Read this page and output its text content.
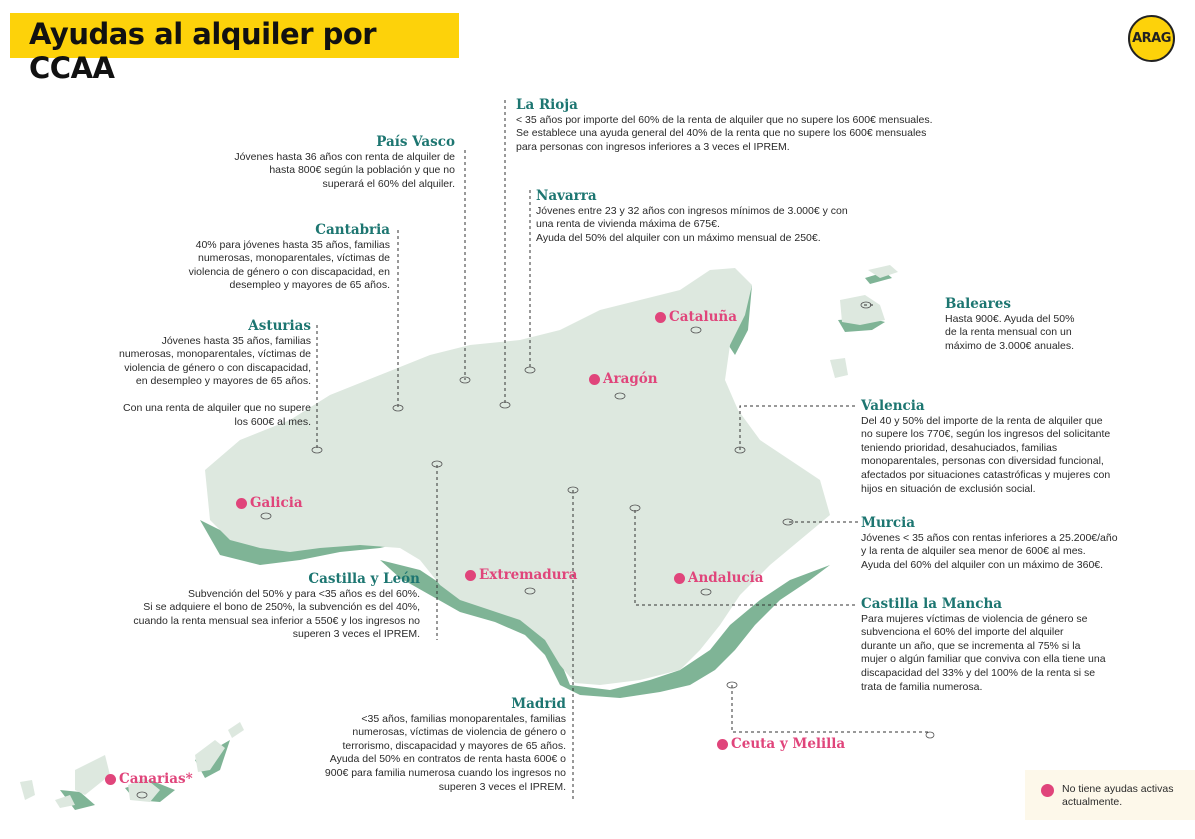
Ayudas al alquiler por CCAA
ARAG
La Rioja

< 35 años por importe del 60% de la renta de alquiler que no supere los 600€ mensuales.

Se establece una ayuda general del 40% de la renta que no supere los 600€ mensuales

para personas con ingresos inferiores a 3 veces el IPREM.

País Vasco

Jóvenes hasta 36 años con renta de alquiler de

hasta 800€ según la población y que no

superará el 60% del alquiler.

Navarra

Jóvenes entre 23 y 32 años con ingresos mínimos de 3.000€ y con

una renta de vivienda máxima de 675€.

Ayuda del 50% del alquiler con un máximo mensual de 250€.

Cantabria

40% para jóvenes hasta 35 años, familias

numerosas, monoparentales, víctimas de

violencia de género o con discapacidad, en

desempleo y mayores de 65 años.

Asturias

Jóvenes hasta 35 años, familias

numerosas, monoparentales, víctimas de

violencia de género o con discapacidad,

en desempleo y mayores de 65 años.

Con una renta de alquiler que no supere

los 600€ al mes.

Baleares

Hasta 900€. Ayuda del 50%

de la renta mensual con un

máximo de 3.000€ anuales.

Valencia

Del 40 y 50% del importe de la renta de alquiler que

no supere los 770€, según los ingresos del solicitante

teniendo prioridad, desahuciados, familias

monoparentales, personas con diversidad funcional,

afectados por situaciones catastróficas y mujeres con

hijos en situación de exclusión social.

Murcia

Jóvenes < 35 años con rentas inferiores a 25.200€/año

y la renta de alquiler sea menor de 600€ al mes.

Ayuda del 60% del alquiler con un máximo de 360€.

Castilla la Mancha

Para mujeres víctimas de violencia de género se

subvenciona el 60% del importe del alquiler

durante un año, que se incrementa al 75% si la

mujer o algún familiar que conviva con ella tiene una

discapacidad del 33% y del 100% de la renta si se

trata de familia numerosa.

Castilla y León

Subvención del 50% y para <35 años es del 60%.

Si se adquiere el bono de 250%, la subvención es del 40%,

cuando la renta mensual sea inferior a 550€ y los ingresos no

superen 3 veces el IPREM.

Madrid

<35 años, familias monoparentales, familias

numerosas, víctimas de violencia de género o

terrorismo, discapacidad y mayores de 65 años.

Ayuda del 50% en contratos de renta hasta 600€ o

900€ para familia numerosa cuando los ingresos no

superen 3 veces el IPREM.

Cataluña
Aragón
Galicia
Extremadura	Andalucía
Ceuta y Melilla
Canarias*
No tiene ayudas activas actualmente.
